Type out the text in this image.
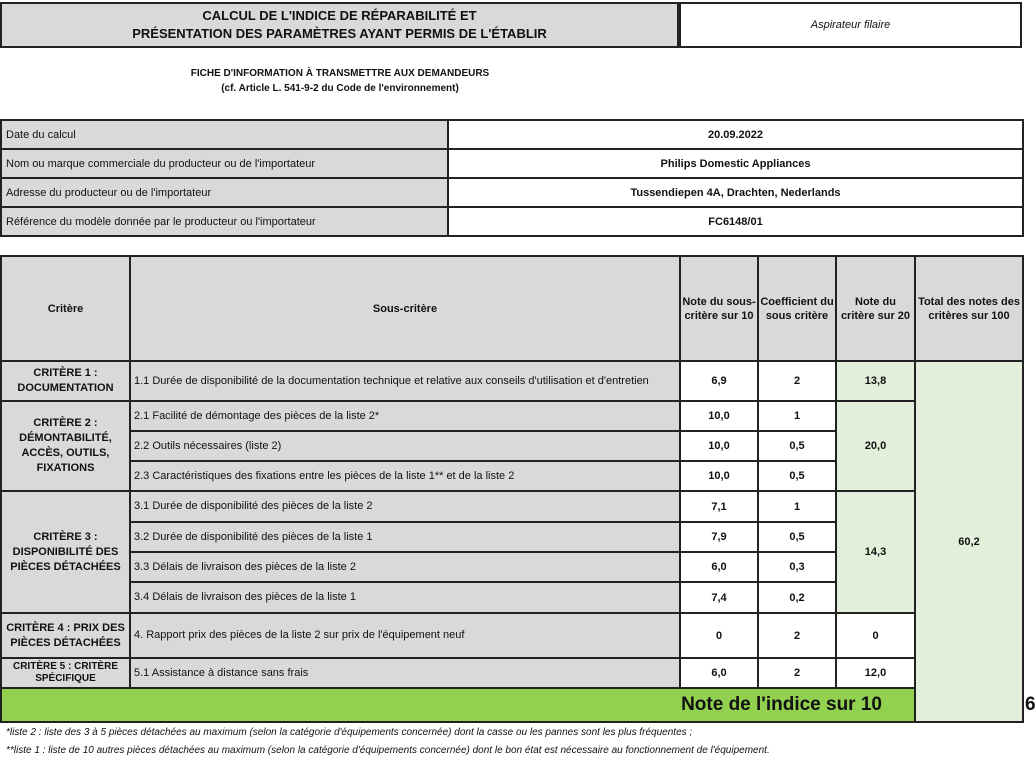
CALCUL DE L'INDICE DE RÉPARABILITÉ ET
PRÉSENTATION DES PARAMÈTRES AYANT PERMIS DE L'ÉTABLIR
Aspirateur filaire
FICHE D'INFORMATION À TRANSMETTRE AUX DEMANDEURS
(cf. Article L. 541-9-2 du Code de l'environnement)
Date du calcul	20.09.2022
Nom ou marque commerciale du producteur ou de l'importateur	Philips Domestic Appliances
Adresse du producteur ou de l'importateur	Tussendiepen 4A, Drachten, Nederlands
Référence du modèle donnée par le producteur ou l'importateur	FC6148/01
Critère	Sous-critère	Note du sous-critère sur 10	Coefficient du sous critère	Note du critère sur 20	Total des notes des critères sur 100	
CRITÈRE 1 : DOCUMENTATION	1.1 Durée de disponibilité de la documentation technique et relative aux conseils d'utilisation et d'entretien	6,9	2	13,8	60,2	
CRITÈRE 2 : DÉMONTABILITÉ, ACCÈS, OUTILS, FIXATIONS	2.1 Facilité de démontage des pièces de la liste 2*	10,0	1	20,0		
	2.2 Outils nécessaires (liste 2)	10,0	0,5			
	2.3 Caractéristiques des fixations entre les pièces de la liste 1** et de la liste 2	10,0	0,5			
CRITÈRE 3 : DISPONIBILITÉ DES PIÈCES DÉTACHÉES	3.1 Durée de disponibilité des pièces de la liste 2	7,1	1	14,3		
	3.2 Durée de disponibilité des pièces de la liste 1	7,9	0,5			
	3.3 Délais de livraison des pièces de la liste 2	6,0	0,3			
	3.4 Délais de livraison des pièces de la liste 1	7,4	0,2			
CRITÈRE 4 : PRIX DES PIÈCES DÉTACHÉES	4. Rapport prix des pièces de la liste 2 sur prix de l'équipement neuf	0	2	0		
CRITÈRE 5 : CRITÈRE SPÉCIFIQUE	5.1 Assistance à distance sans frais	6,0	2	12,0		
Note de l'indice sur 10						6
*liste 2 : liste des 3 à 5 pièces détachées au maximum (selon la catégorie d'équipements concernée) dont la casse ou les pannes sont les plus fréquentes ;
**liste 1 : liste de 10 autres pièces détachées au maximum (selon la catégorie d'équipements concernée) dont le bon état est nécessaire au fonctionnement de l'équipement.
